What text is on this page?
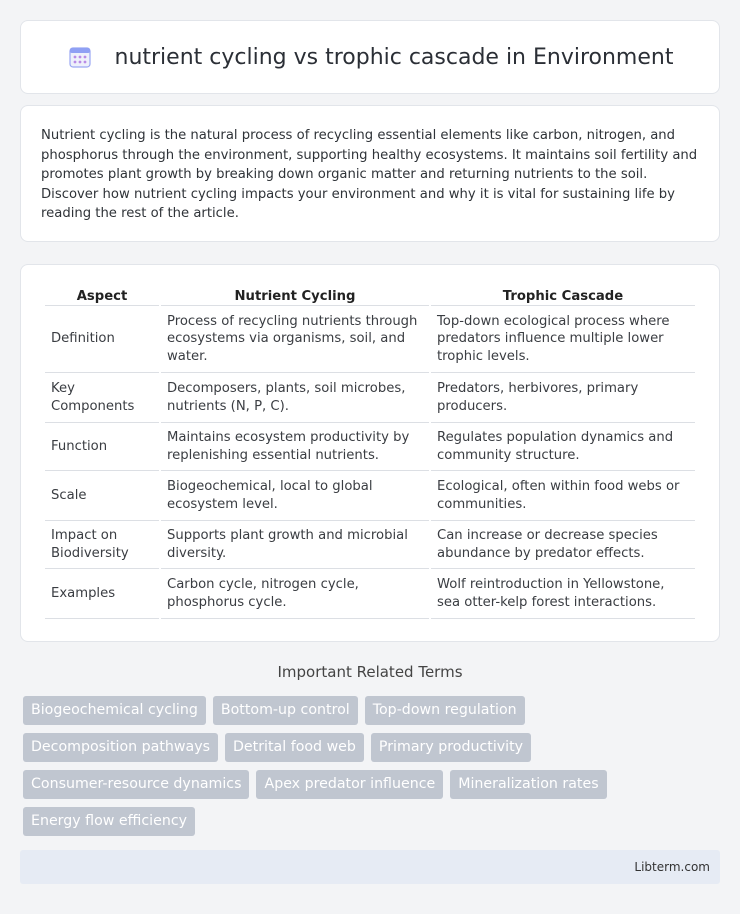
nutrient cycling vs trophic cascade in Environment

Nutrient cycling is the natural process of recycling essential elements like carbon, nitrogen, and phosphorus through the environment, supporting healthy ecosystems. It maintains soil fertility and promotes plant growth by breaking down organic matter and returning nutrients to the soil. Discover how nutrient cycling impacts your environment and why it is vital for sustaining life by reading the rest of the article.

Aspect	Nutrient Cycling	Trophic Cascade
Definition	Process of recycling nutrients through ecosystems via organisms, soil, and water.	Top-down ecological process where predators influence multiple lower trophic levels.
Key Components	Decomposers, plants, soil microbes, nutrients (N, P, C).	Predators, herbivores, primary producers.
Function	Maintains ecosystem productivity by replenishing essential nutrients.	Regulates population dynamics and community structure.
Scale	Biogeochemical, local to global ecosystem level.	Ecological, often within food webs or communities.
Impact on Biodiversity	Supports plant growth and microbial diversity.	Can increase or decrease species abundance by predator effects.
Examples	Carbon cycle, nitrogen cycle, phosphorus cycle.	Wolf reintroduction in Yellowstone, sea otter-kelp forest interactions.
Important Related Terms
Biogeochemical cycling	Bottom-up control	Top-down regulation
Decomposition pathways	Detrital food web	Primary productivity
Consumer-resource dynamics	Apex predator influence	Mineralization rates
Energy flow efficiency
Libterm.com
